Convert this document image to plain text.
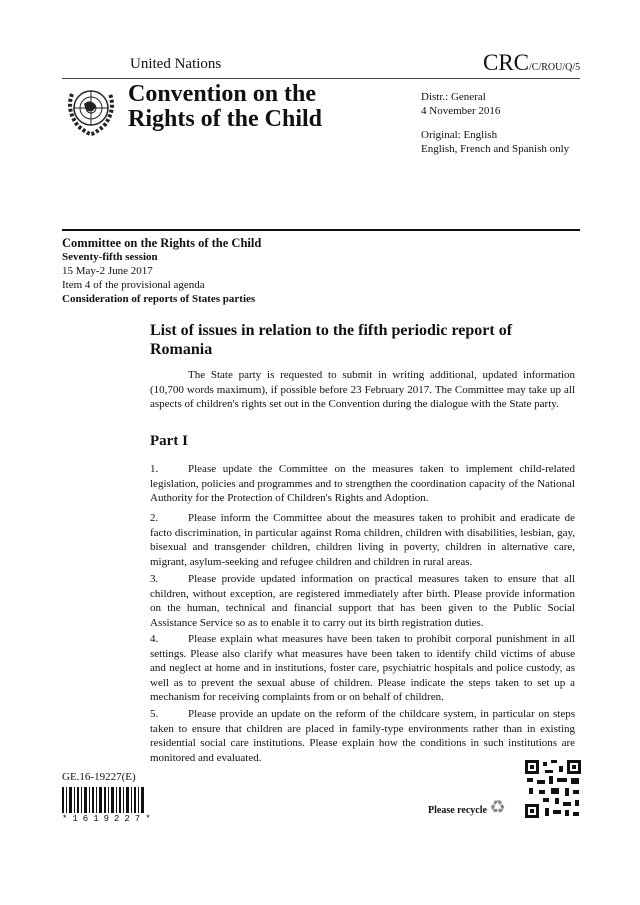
United Nations	CRC/C/ROU/Q/5
Convention on the
Rights of the Child
Distr.: General
4 November 2016
Original: English
English, French and Spanish only
Committee on the Rights of the Child
Seventy-fifth session
15 May-2 June 2017
Item 4 of the provisional agenda
Consideration of reports of States parties
List of issues in relation to the fifth periodic report of Romania
The State party is requested to submit in writing additional, updated information (10,700 words maximum), if possible before 23 February 2017. The Committee may take up all aspects of children's rights set out in the Convention during the dialogue with the State party.
Part I
1.	Please update the Committee on the measures taken to implement child-related legislation, policies and programmes and to strengthen the coordination capacity of the National Authority for the Protection of Children's Rights and Adoption.
2.	Please inform the Committee about the measures taken to prohibit and eradicate de facto discrimination, in particular against Roma children, children with disabilities, lesbian, gay, bisexual and transgender children, children living in poverty, children in alternative care, migrant, asylum-seeking and refugee children and children in rural areas.
3.	Please provide updated information on practical measures taken to ensure that all children, without exception, are registered immediately after birth. Please provide information on the human, technical and financial support that has been given to the Public Social Assistance Service so as to enable it to carry out its birth registration duties.
4.	Please explain what measures have been taken to prohibit corporal punishment in all settings. Please also clarify what measures have been taken to identify child victims of abuse and neglect at home and in institutions, foster care, psychiatric hospitals and police custody, as well as to prevent the sexual abuse of children. Please indicate the steps taken to set up a mechanism for receiving complaints from or on behalf of children.
5.	Please provide an update on the reform of the childcare system, in particular on steps taken to ensure that children are placed in family-type environments rather than in existing residential social care institutions. Please explain how the conditions in such institutions are monitored and evaluated.
GE.16-19227(E)
*1619227*
Please recycle ♻
